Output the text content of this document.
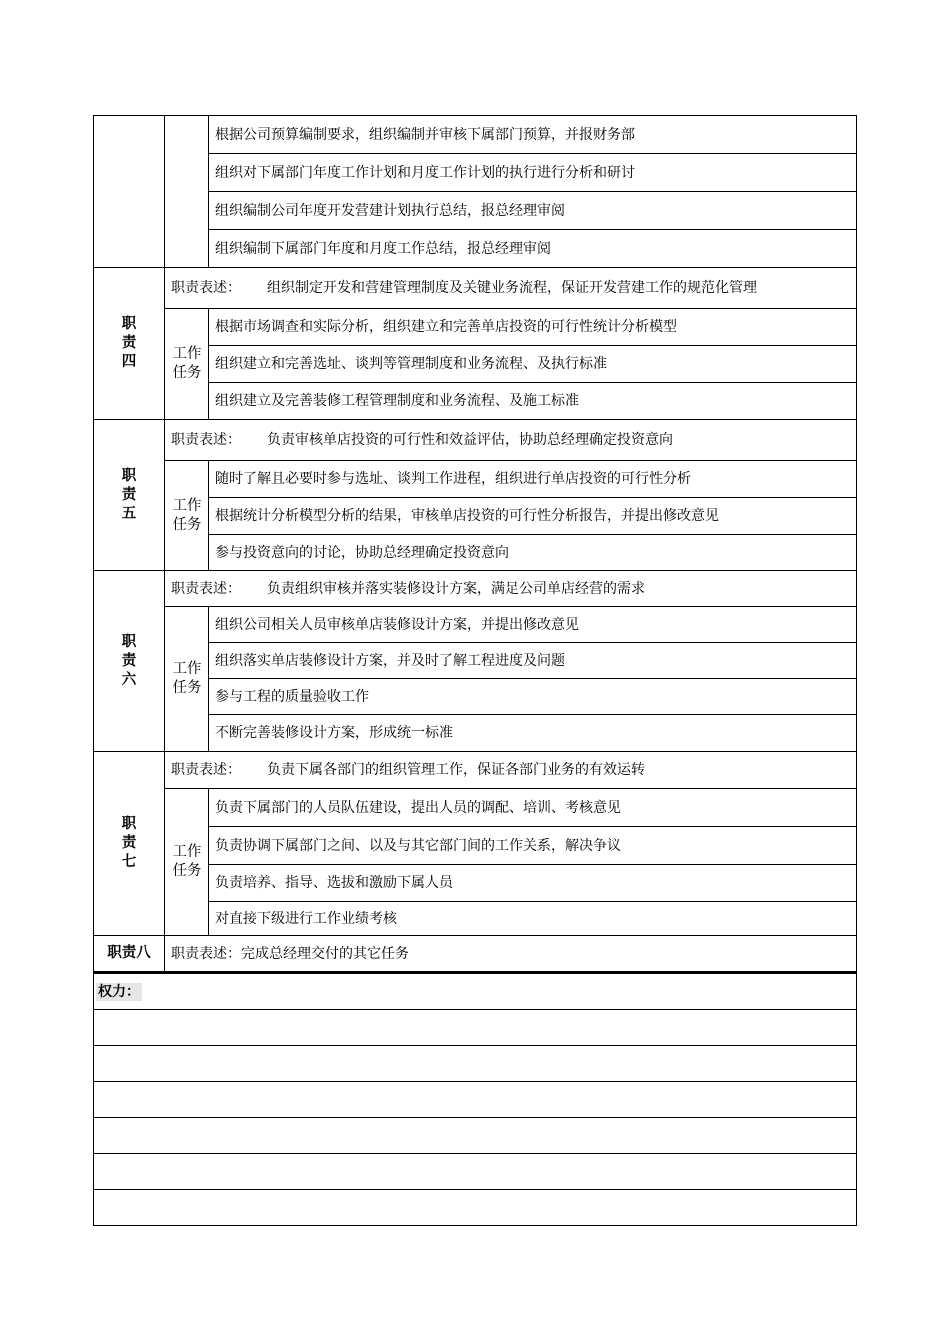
		根据公司预算编制要求，组织编制并审核下属部门预算，并报财务部
		组织对下属部门年度工作计划和月度工作计划的执行进行分析和研讨
		组织编制公司年度开发营建计划执行总结，报总经理审阅
		组织编制下属部门年度和月度工作总结，报总经理审阅
职责四	职责表述： 组织制定开发和营建管理制度及关键业务流程，保证开发营建工作的规范化管理	
	工作任务	根据市场调查和实际分析，组织建立和完善单店投资的可行性统计分析模型
		组织建立和完善选址、谈判等管理制度和业务流程、及执行标准
		组织建立及完善装修工程管理制度和业务流程、及施工标准
职责五	职责表述： 负责审核单店投资的可行性和效益评估，协助总经理确定投资意向	
	工作任务	随时了解且必要时参与选址、谈判工作进程，组织进行单店投资的可行性分析
		根据统计分析模型分析的结果，审核单店投资的可行性分析报告，并提出修改意见
		参与投资意向的讨论，协助总经理确定投资意向
职责六	职责表述： 负责组织审核并落实装修设计方案，满足公司单店经营的需求	
	工作任务	组织公司相关人员审核单店装修设计方案，并提出修改意见
		组织落实单店装修设计方案，并及时了解工程进度及问题
		参与工程的质量验收工作
		不断完善装修设计方案，形成统一标准
职责七	职责表述： 负责下属各部门的组织管理工作，保证各部门业务的有效运转	
	工作任务	负责下属部门的人员队伍建设，提出人员的调配、培训、考核意见
		负责协调下属部门之间、以及与其它部门间的工作关系，解决争议
		负责培养、指导、选拔和激励下属人员
		对直接下级进行工作业绩考核
职责八	职责表述：完成总经理交付的其它任务	
权力：
